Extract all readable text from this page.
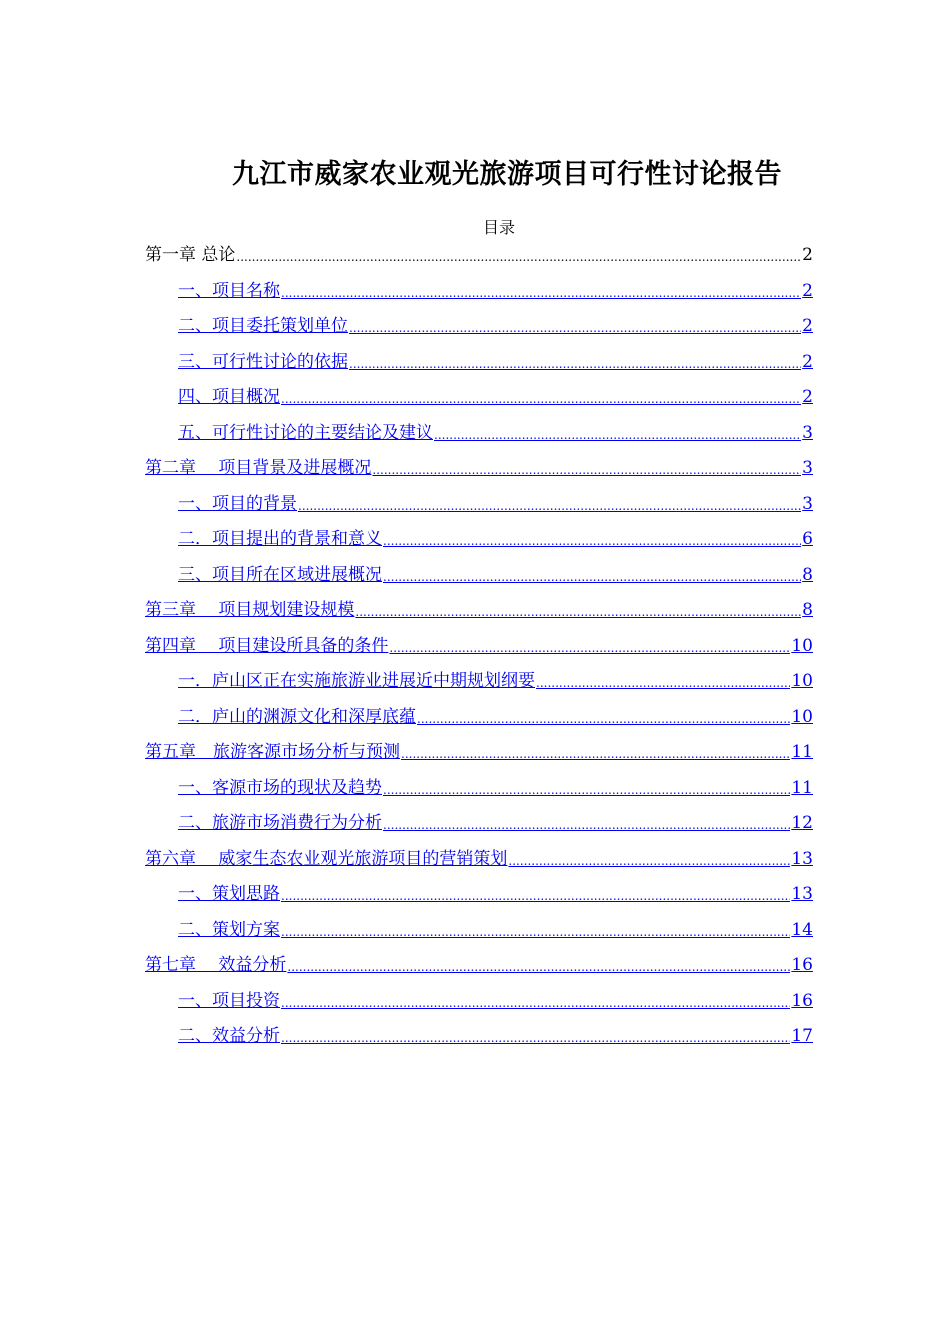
九江市威家农业观光旅游项目可行性讨论报告
目录
第一章 总论 .....	2
一、项目名称 .....	2
二、项目委托策划单位 .....	2
三、可行性讨论的依据 .....	2
四、项目概况 .....	2
五、可行性讨论的主要结论及建议 .....	3
第二章　 项目背景及进展概况 .....	3
一、项目的背景 .....	3
二．项目提出的背景和意义 .....	6
三、项目所在区域进展概况 .....	8
第三章　 项目规划建设规模 .....	8
第四章　 项目建设所具备的条件 .....	10
一．庐山区正在实施旅游业进展近中期规划纲要 .....	10
二．庐山的渊源文化和深厚底蕴 .....	10
第五章　旅游客源市场分析与预测 .....	11
一、客源市场的现状及趋势 .....	11
二、旅游市场消费行为分析 .....	12
第六章　 威家生态农业观光旅游项目的营销策划 .....	13
一、策划思路 .....	13
二、策划方案 .....	14
第七章　 效益分析 .....	16
一、项目投资 .....	16
二、效益分析 .....	17
